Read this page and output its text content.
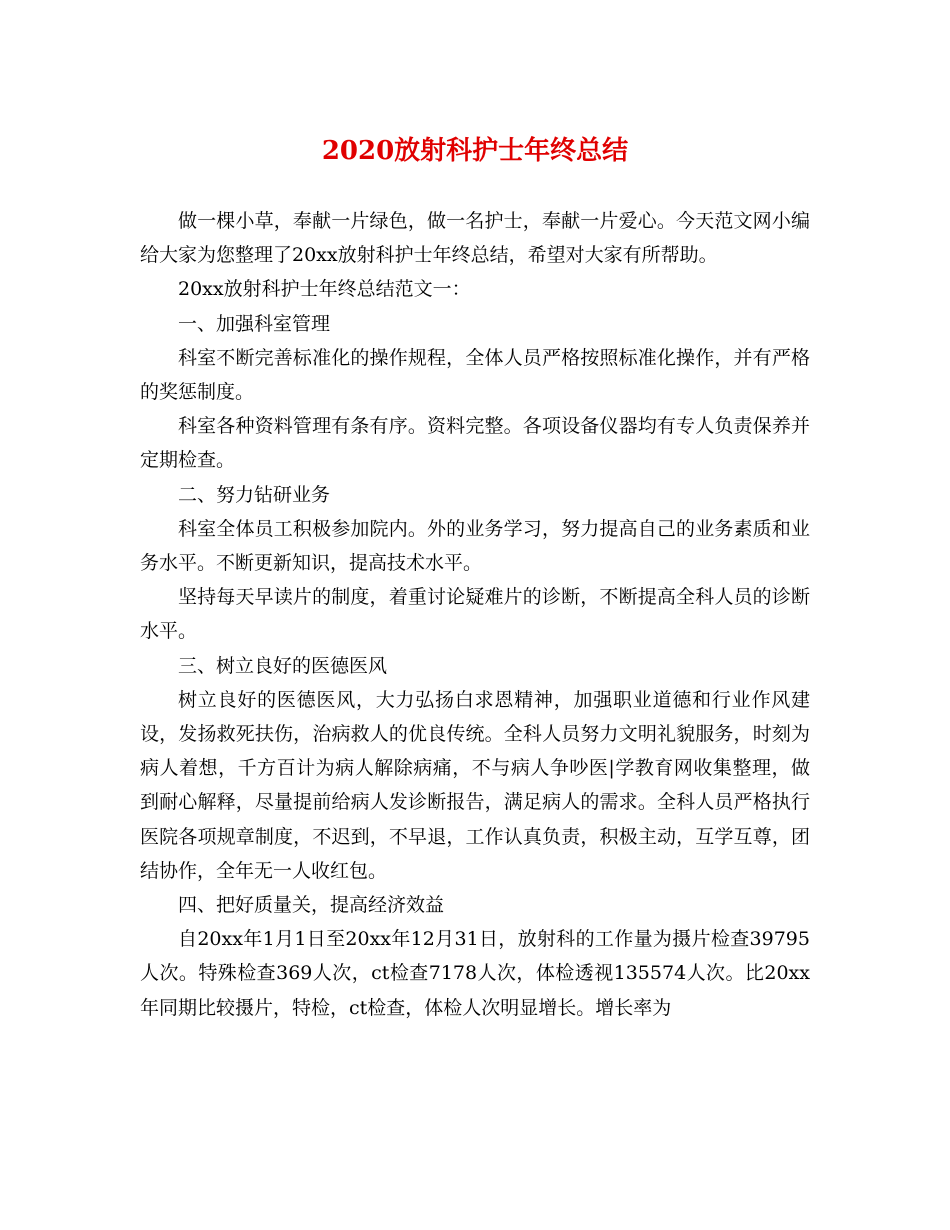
2020放射科护士年终总结

做一棵小草，奉献一片绿色，做一名护士，奉献一片爱心。今天范文网小编给大家为您整理了20xx放射科护士年终总结，希望对大家有所帮助。

20xx放射科护士年终总结范文一：

一、加强科室管理

科室不断完善标准化的操作规程，全体人员严格按照标准化操作，并有严格的奖惩制度。

科室各种资料管理有条有序。资料完整。各项设备仪器均有专人负责保养并定期检查。

二、努力钻研业务

科室全体员工积极参加院内。外的业务学习，努力提高自己的业务素质和业务水平。不断更新知识，提高技术水平。

坚持每天早读片的制度，着重讨论疑难片的诊断，不断提高全科人员的诊断水平。

三、树立良好的医德医风

树立良好的医德医风，大力弘扬白求恩精神，加强职业道德和行业作风建设，发扬救死扶伤，治病救人的优良传统。全科人员努力文明礼貌服务，时刻为病人着想，千方百计为病人解除病痛，不与病人争吵医|学教育网收集整理，做到耐心解释，尽量提前给病人发诊断报告，满足病人的需求。全科人员严格执行医院各项规章制度，不迟到，不早退，工作认真负责，积极主动，互学互尊，团结协作，全年无一人收红包。

四、把好质量关，提高经济效益

自20xx年1月1日至20xx年12月31日，放射科的工作量为摄片检查39795人次。特殊检查369人次，ct检查7178人次，体检透视135574人次。比20xx年同期比较摄片，特检，ct检查，体检人次明显增长。增长率为
